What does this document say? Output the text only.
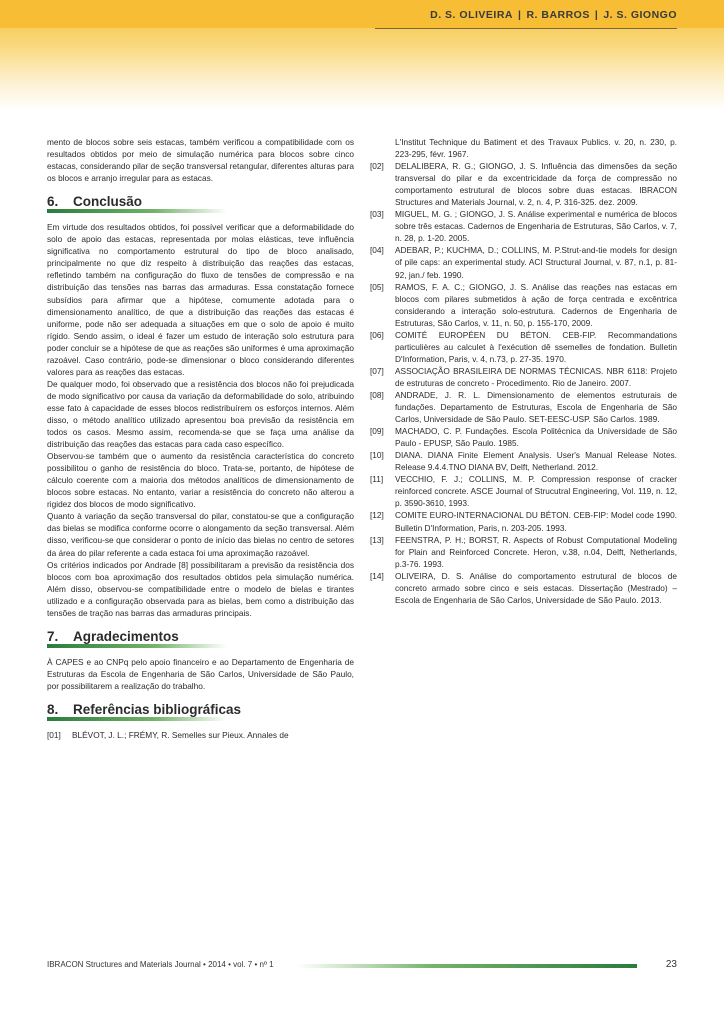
D. S. OLIVEIRA | R. BARROS | J. S. GIONGO

mento de blocos sobre seis estacas, também verificou a compatibilidade com os resultados obtidos por meio de simulação numérica para blocos sobre cinco estacas, considerando pilar de seção transversal retangular, diferentes alturas para os blocos e arranjo irregular para as estacas.

6. Conclusão

Em virtude dos resultados obtidos, foi possível verificar que a deformabilidade do solo de apoio das estacas, representada por molas elásticas, teve influência significativa no comportamento estrutural do tipo de bloco analisado, principalmente no que diz respeito à distribuição das reações das estacas, refletindo também na configuração do fluxo de tensões de compressão e na distribuição das tensões nas barras das armaduras. Essa constatação fornece subsídios para afirmar que a hipótese, comumente adotada para o dimensionamento analítico, de que a distribuição das reações das estacas é uniforme, pode não ser adequada a situações em que o solo de apoio é muito rígido. Sendo assim, o ideal é fazer um estudo de interação solo estrutura para poder concluir se a hipótese de que as reações são uniformes é uma aproximação razoável. Caso contrário, pode-se dimensionar o bloco considerando diferentes valores para as reações das estacas.

De qualquer modo, foi observado que a resistência dos blocos não foi prejudicada de modo significativo por causa da variação da deformabilidade do solo, atribuindo esse fato à capacidade de esses blocos redistribuírem os esforços internos. Além disso, o método analítico utilizado apresentou boa previsão da resistência em todos os casos. Mesmo assim, recomenda-se que se faça uma análise da distribuição das reações das estacas para cada caso específico.

Observou-se também que o aumento da resistência característica do concreto possibilitou o ganho de resistência do bloco. Trata-se, portanto, de hipótese de cálculo coerente com a maioria dos métodos analíticos de dimensionamento de blocos sobre estacas. No entanto, variar a resistência do concreto não alterou a rigidez dos blocos de modo significativo.

Quanto à variação da seção transversal do pilar, constatou-se que a configuração das bielas se modifica conforme ocorre o alongamento da seção transversal. Além disso, verificou-se que considerar o ponto de início das bielas no centro de setores da área do pilar referente a cada estaca foi uma aproximação razoável.

Os critérios indicados por Andrade [8] possibilitaram a previsão da resistência dos blocos com boa aproximação dos resultados obtidos pela simulação numérica. Além disso, observou-se compatibilidade entre o modelo de bielas e tirantes utilizado e a configuração observada para as bielas, bem como a distribuição das tensões de tração nas barras das armaduras principais.

7. Agradecimentos

À CAPES e ao CNPq pelo apoio financeiro e ao Departamento de Engenharia de Estruturas da Escola de Engenharia de São Carlos, Universidade de São Paulo, por possibilitarem a realização do trabalho.

8. Referências bibliográficas
[01]	BLÉVOT, J. L.; FRÉMY, R. Semelles sur Pieux. Annales de
L'Institut Technique du Batiment et des Travaux Publics. v. 20, n. 230, p. 223-295, févr. 1967.
[02]	DELALIBERA, R. G.; GIONGO, J. S. Influência das dimensões da seção transversal do pilar e da excentricidade da força de compressão no comportamento estrutural de blocos sobre duas estacas. IBRACON Structures and Materials Journal, v. 2, n. 4, P. 316-325. dez. 2009.
[03]	MIGUEL, M. G. ; GIONGO, J. S. Análise experimental e numérica de blocos sobre três estacas. Cadernos de Engenharia de Estruturas, São Carlos, v. 7, n. 28, p. 1-20. 2005.
[04]	ADEBAR, P.; KUCHMA, D.; COLLINS, M. P.Strut-and-tie models for design of pile caps: an experimental study. ACI Structural Journal, v. 87, n.1, p. 81-92, jan./ feb. 1990.
[05]	RAMOS, F. A. C.; GIONGO, J. S. Análise das reações nas estacas em blocos com pilares submetidos à ação de força centrada e excêntrica considerando a interação solo-estrutura. Cadernos de Engenharia de Estruturas, São Carlos, v. 11, n. 50, p. 155-170, 2009.
[06]	COMITÉ EUROPÉEN DU BÉTON. CEB-FIP. Recommandations particulières au calculet à l'exécution dê ssemelles de fondation. Bulletin D'Information, Paris, v. 4, n.73, p. 27-35. 1970.
[07]	ASSOCIAÇÃO BRASILEIRA DE NORMAS TÉCNICAS. NBR 6118: Projeto de estruturas de concreto - Procedimento. Rio de Janeiro. 2007.
[08]	ANDRADE, J. R. L. Dimensionamento de elementos estruturais de fundações. Departamento de Estruturas, Escola de Engenharia de São Carlos, Universidade de São Paulo. SET-EESC-USP. São Carlos. 1989.
[09]	MACHADO, C. P. Fundações. Escola Politécnica da Universidade de São Paulo - EPUSP, São Paulo. 1985.
[10]	DIANA. DIANA Finite Element Analysis. User's Manual Release Notes. Release 9.4.4.TNO DIANA BV, Delft, Netherland. 2012.
[11]	VECCHIO, F. J.; COLLINS, M. P. Compression response of cracker reinforced concrete. ASCE Journal of Strucutral Engineering, Vol. 119, n. 12, p. 3590-3610, 1993.
[12]	COMITE EURO-INTERNACIONAL DU BÉTON. CEB-FIP: Model code 1990. Bulletin D'Information, Paris, n. 203-205. 1993.
[13]	FEENSTRA, P. H.; BORST, R. Aspects of Robust Computational Modeling for Plain and Reinforced Concrete. Heron, v.38, n.04, Delft, Netherlands, p.3-76. 1993.
[14]	OLIVEIRA, D. S. Análise do comportamento estrutural de blocos de concreto armado sobre cinco e seis estacas. Dissertação (Mestrado) – Escola de Engenharia de São Carlos, Universidade de São Paulo. 2013.
IBRACON Structures and Materials Journal • 2014 • vol. 7 • nº 1	23
